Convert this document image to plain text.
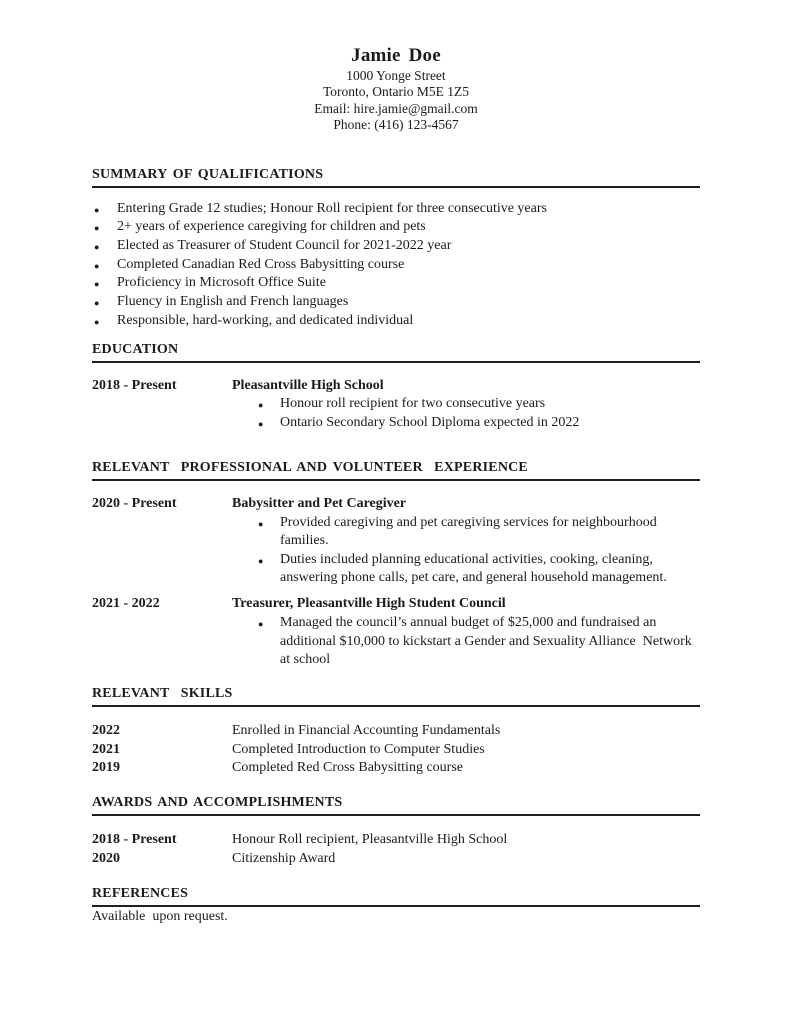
Jamie Doe
1000 Yonge Street
Toronto, Ontario M5E 1Z5
Email: hire.jamie@gmail.com
Phone: (416) 123-4567
SUMMARY OF QUALIFICATIONS
● Entering Grade 12 studies; Honour Roll recipient for three consecutive years
● 2+ years of experience caregiving for children and pets
● Elected as Treasurer of Student Council for 2021-2022 year
● Completed Canadian Red Cross Babysitting course
● Proficiency in Microsoft Office Suite
● Fluency in English and French languages
● Responsible, hard-working, and dedicated individual
EDUCATION
2018 - Present	Pleasantville High School
● Honour roll recipient for two consecutive years
● Ontario Secondary School Diploma expected in 2022
RELEVANT  PROFESSIONAL AND VOLUNTEER  EXPERIENCE
2020 - Present	Babysitter and Pet Caregiver
● Provided caregiving and pet caregiving services for neighbourhood families.
● Duties included planning educational activities, cooking, cleaning, answering phone calls, pet care, and general household management.
2021 - 2022	Treasurer, Pleasantville High Student Council
● Managed the council’s annual budget of $25,000 and fundraised an additional $10,000 to kickstart a Gender and Sexuality Alliance  Network at school
RELEVANT  SKILLS
2022	Enrolled in Financial Accounting Fundamentals
2021	Completed Introduction to Computer Studies
2019	Completed Red Cross Babysitting course
AWARDS AND ACCOMPLISHMENTS
2018 - Present	Honour Roll recipient, Pleasantville High School
2020	Citizenship Award
REFERENCES
Available  upon request.
